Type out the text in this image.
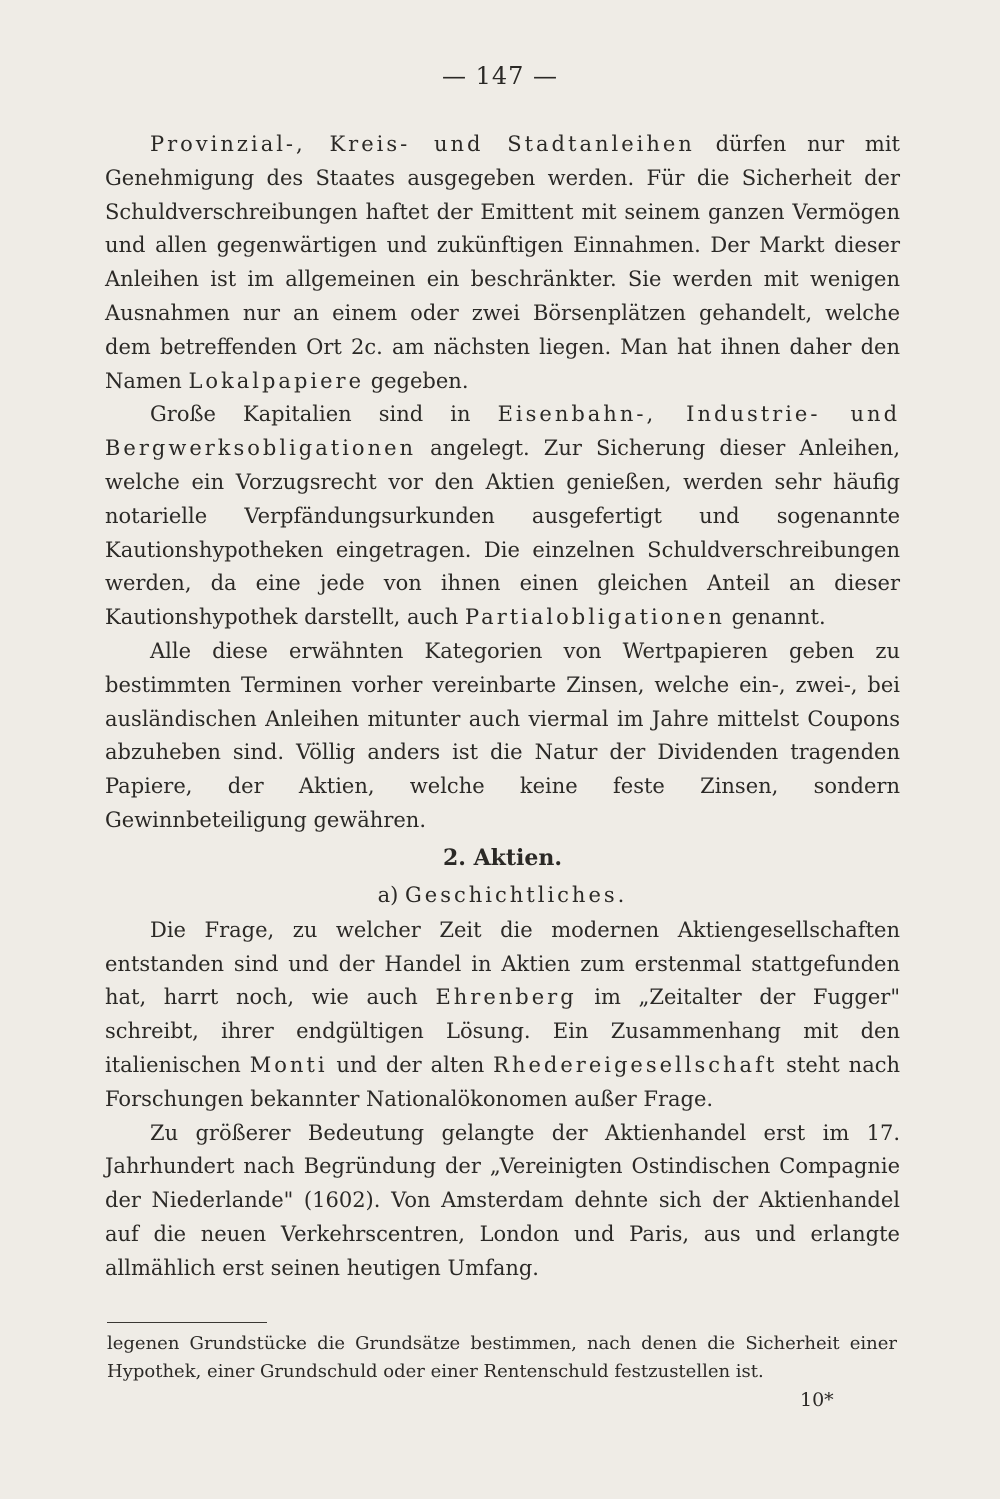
— 147 —

Provinzial-, Kreis- und Stadtanleihen dürfen nur mit Genehmigung des Staates ausgegeben werden. Für die Sicherheit der Schuldverschreibungen haftet der Emittent mit seinem ganzen Vermögen und allen gegenwärtigen und zukünftigen Einnahmen. Der Markt dieser Anleihen ist im allgemeinen ein beschränkter. Sie werden mit wenigen Ausnahmen nur an einem oder zwei Börsenplätzen gehandelt, welche dem betreffenden Ort 2c. am nächsten liegen. Man hat ihnen daher den Namen Lokalpapiere gegeben.

Große Kapitalien sind in Eisenbahn-, Industrie- und Bergwerksobligationen angelegt. Zur Sicherung dieser Anleihen, welche ein Vorzugsrecht vor den Aktien genießen, werden sehr häufig notarielle Verpfändungsurkunden ausgefertigt und sogenannte Kautionshypotheken eingetragen. Die einzelnen Schuldverschreibungen werden, da eine jede von ihnen einen gleichen Anteil an dieser Kautionshypothek darstellt, auch Partialobligationen genannt.

Alle diese erwähnten Kategorien von Wertpapieren geben zu bestimmten Terminen vorher vereinbarte Zinsen, welche ein-, zwei-, bei ausländischen Anleihen mitunter auch viermal im Jahre mittelst Coupons abzuheben sind. Völlig anders ist die Natur der Dividenden tragenden Papiere, der Aktien, welche keine feste Zinsen, sondern Gewinnbeteiligung gewähren.

2. Aktien.
a) Geschichtliches.

Die Frage, zu welcher Zeit die modernen Aktiengesellschaften entstanden sind und der Handel in Aktien zum erstenmal stattgefunden hat, harrt noch, wie auch Ehrenberg im „Zeitalter der Fugger" schreibt, ihrer endgültigen Lösung. Ein Zusammenhang mit den italienischen Monti und der alten Rhedereigesellschaft steht nach Forschungen bekannter Nationalökonomen außer Frage.

Zu größerer Bedeutung gelangte der Aktienhandel erst im 17. Jahrhundert nach Begründung der „Vereinigten Ostindischen Compagnie der Niederlande" (1602). Von Amsterdam dehnte sich der Aktienhandel auf die neuen Verkehrscentren, London und Paris, aus und erlangte allmählich erst seinen heutigen Umfang.

legenen Grundstücke die Grundsätze bestimmen, nach denen die Sicherheit einer Hypothek, einer Grundschuld oder einer Rentenschuld festzustellen ist.
10*
